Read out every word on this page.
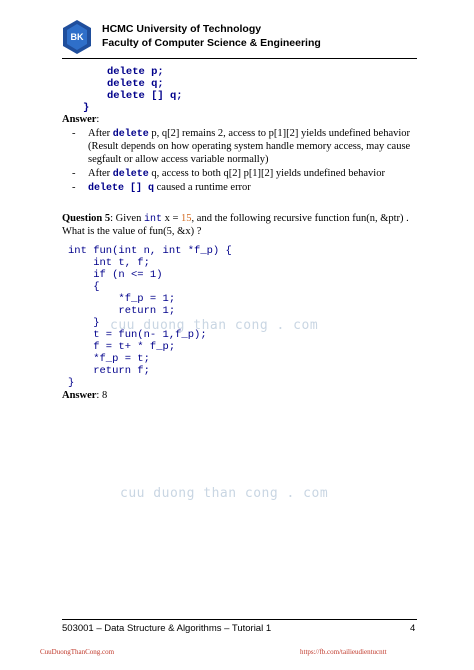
BK
HCMC University of Technology
Faculty of Computer Science & Engineering
delete p;
delete q;
delete [] q;
}
Answer:
- After delete p, q[2] remains 2, access to p[1][2] yields undefined behavior
(Result depends on how operating system handle memory access, may cause
segfault or allow access variable normally)
- After delete q, access to both q[2] p[1][2] yields undefined behavior
- delete [] q caused a runtime error
Question 5: Given int x = 15, and the following recursive function fun(n, &ptr) .
What is the value of fun(5, &x) ?
int fun(int n, int *f_p) {
int t, f;
if (n <= 1)
{
*f_p = 1;
return 1;
}
t = fun(n- 1,f_p);
f = t+ * f_p;
*f_p = t;
return f;
}
cuu duong than cong . com
Answer: 8
cuu duong than cong . com
503001 – Data Structure & Algorithms – Tutorial 1	4
CuuDuongThanCong.com	https://fb.com/tailieudientucntt
